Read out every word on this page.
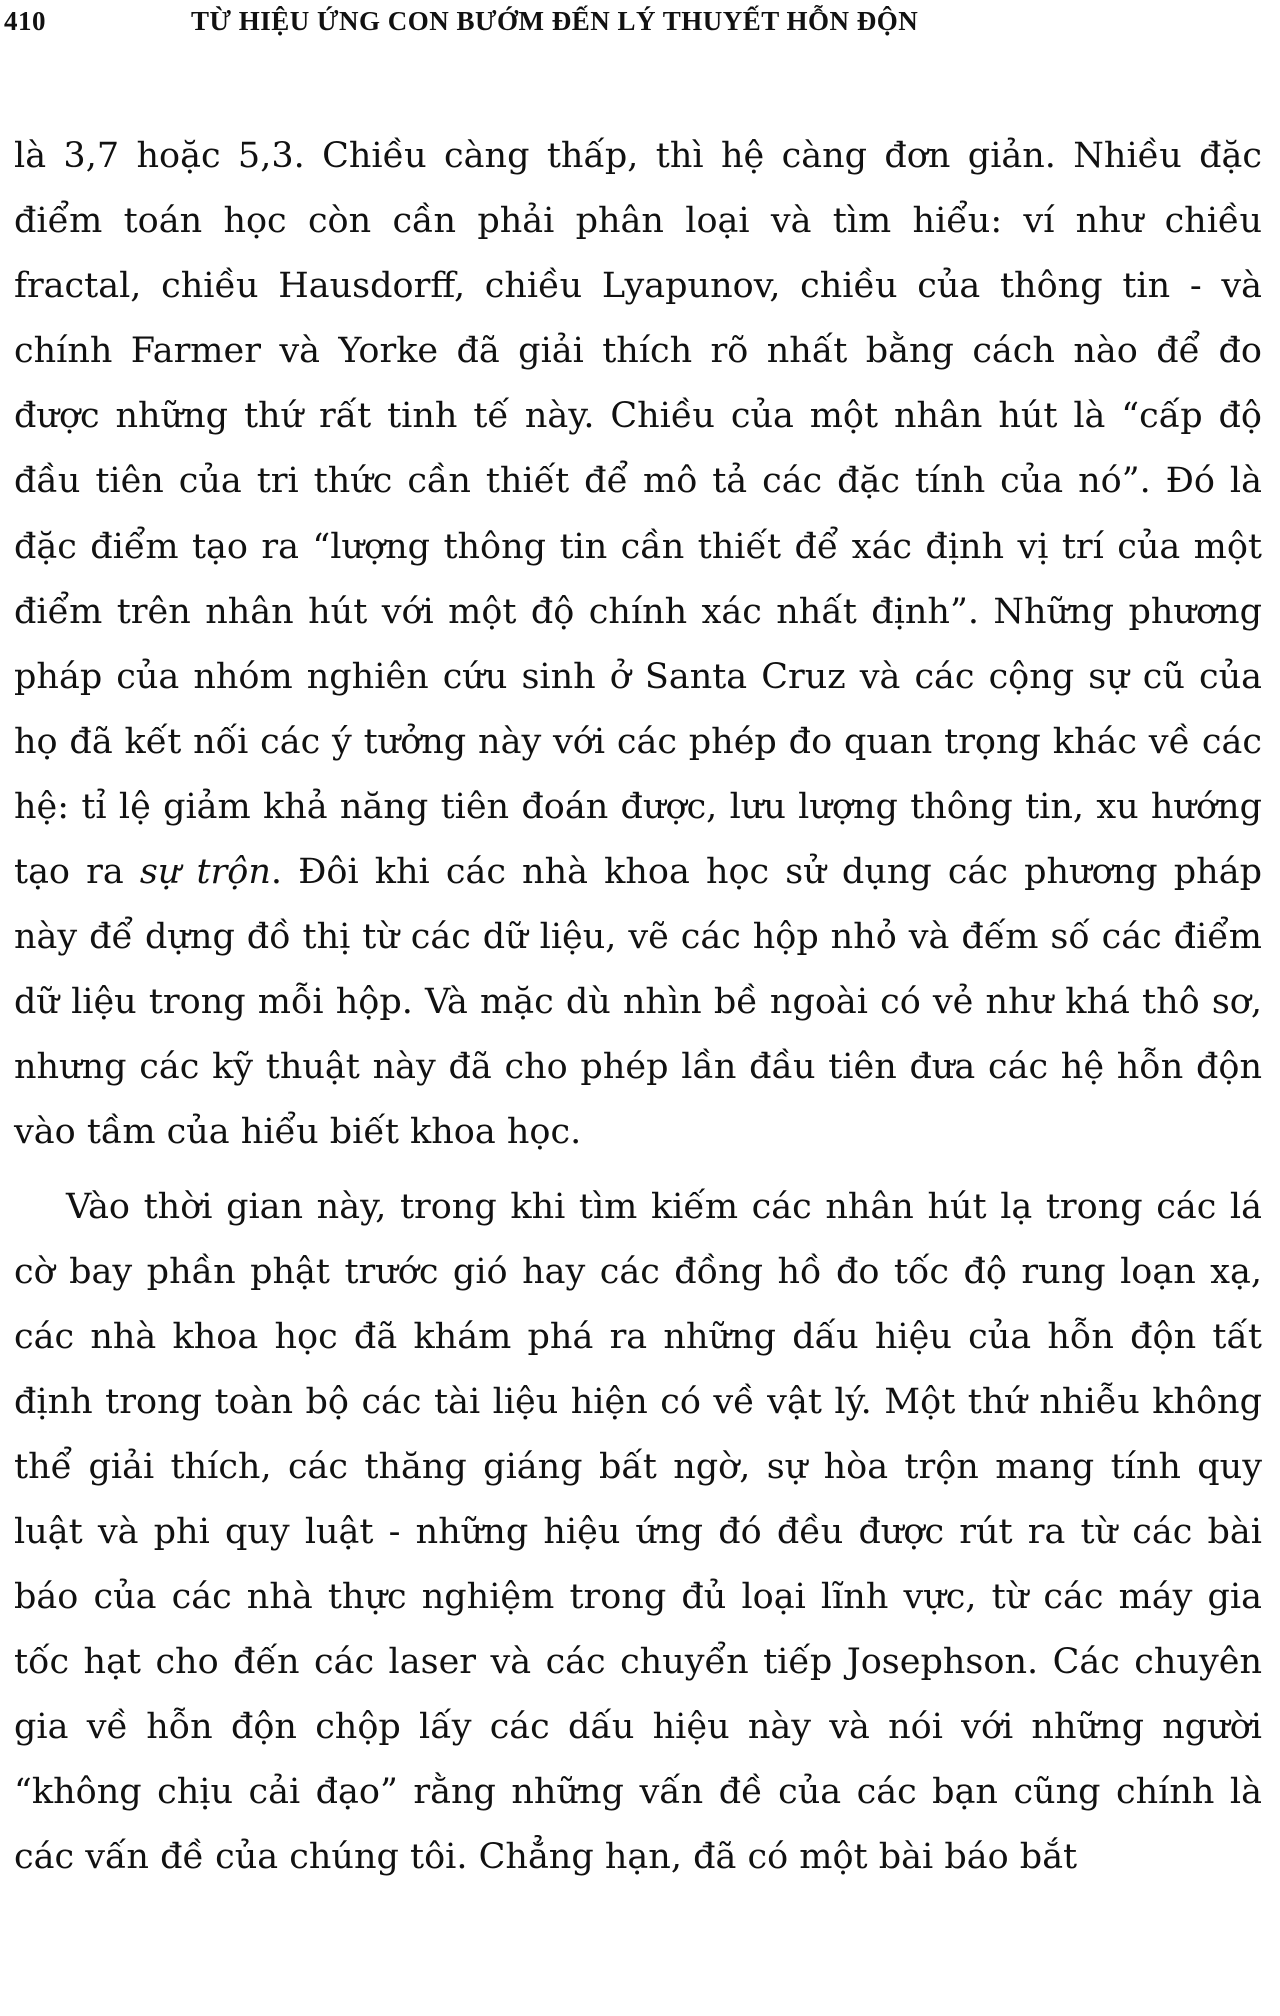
410	TỪ HIỆU ỨNG CON BƯỚM ĐẾN LÝ THUYẾT HỖN ĐỘN

là 3,7 hoặc 5,3. Chiều càng thấp, thì hệ càng đơn giản. Nhiều đặc điểm toán học còn cần phải phân loại và tìm hiểu: ví như chiều fractal, chiều Hausdorff, chiều Lyapunov, chiều của thông tin - và chính Farmer và Yorke đã giải thích rõ nhất bằng cách nào để đo được những thứ rất tinh tế này. Chiều của một nhân hút là “cấp độ đầu tiên của tri thức cần thiết để mô tả các đặc tính của nó”. Đó là đặc điểm tạo ra “lượng thông tin cần thiết để xác định vị trí của một điểm trên nhân hút với một độ chính xác nhất định”. Những phương pháp của nhóm nghiên cứu sinh ở Santa Cruz và các cộng sự cũ của họ đã kết nối các ý tưởng này với các phép đo quan trọng khác về các hệ: tỉ lệ giảm khả năng tiên đoán được, lưu lượng thông tin, xu hướng tạo ra sự trộn. Đôi khi các nhà khoa học sử dụng các phương pháp này để dựng đồ thị từ các dữ liệu, vẽ các hộp nhỏ và đếm số các điểm dữ liệu trong mỗi hộp. Và mặc dù nhìn bề ngoài có vẻ như khá thô sơ, nhưng các kỹ thuật này đã cho phép lần đầu tiên đưa các hệ hỗn độn vào tầm của hiểu biết khoa học.

Vào thời gian này, trong khi tìm kiếm các nhân hút lạ trong các lá cờ bay phần phật trước gió hay các đồng hồ đo tốc độ rung loạn xạ, các nhà khoa học đã khám phá ra những dấu hiệu của hỗn độn tất định trong toàn bộ các tài liệu hiện có về vật lý. Một thứ nhiễu không thể giải thích, các thăng giáng bất ngờ, sự hòa trộn mang tính quy luật và phi quy luật - những hiệu ứng đó đều được rút ra từ các bài báo của các nhà thực nghiệm trong đủ loại lĩnh vực, từ các máy gia tốc hạt cho đến các laser và các chuyển tiếp Josephson. Các chuyên gia về hỗn độn chộp lấy các dấu hiệu này và nói với những người “không chịu cải đạo” rằng những vấn đề của các bạn cũng chính là các vấn đề của chúng tôi. Chẳng hạn, đã có một bài báo bắt
